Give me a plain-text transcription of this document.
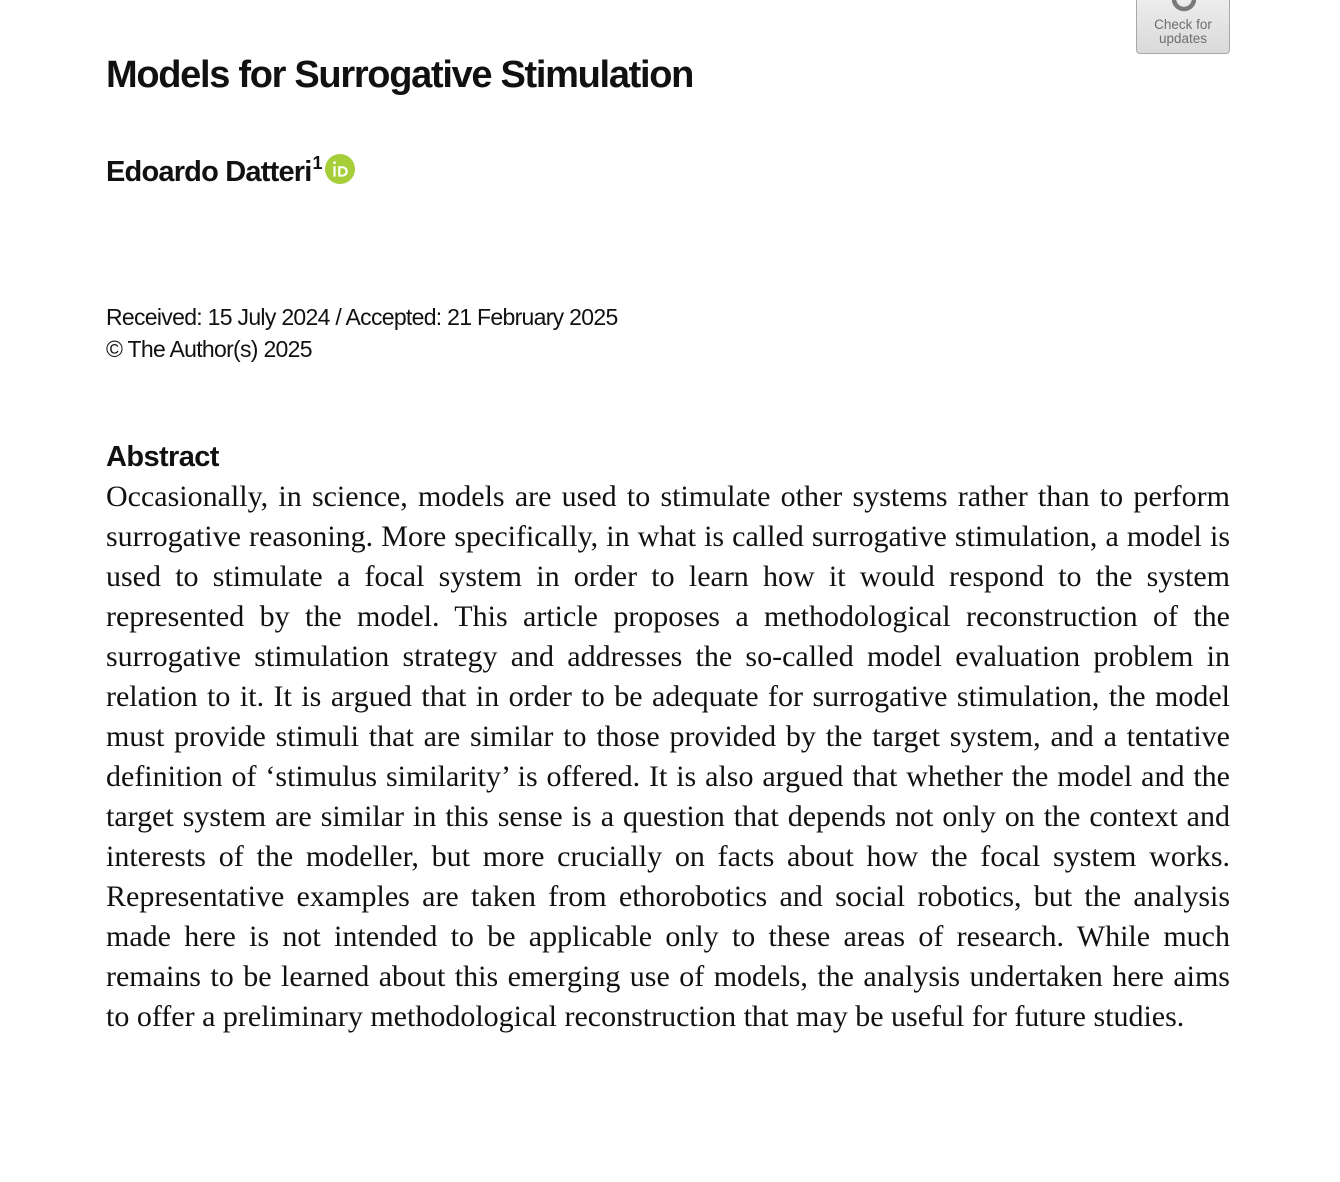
Check for
updates
Models for Surrogative Stimulation
Edoardo Datteri 1
Received: 15 July 2024 / Accepted: 21 February 2025
© The Author(s) 2025
Abstract

Occasionally, in science, models are used to stimulate other systems rather than to perform surrogative reasoning. More specifically, in what is called surrogative stimulation, a model is used to stimulate a focal system in order to learn how it would respond to the system represented by the model. This article proposes a methodological reconstruction of the surrogative stimulation strategy and addresses the so-called model evaluation problem in relation to it. It is argued that in order to be adequate for surrogative stimulation, the model must provide stimuli that are similar to those provided by the target system, and a tentative definition of ‘stimulus similarity’ is offered. It is also argued that whether the model and the target system are similar in this sense is a question that depends not only on the context and interests of the modeller, but more crucially on facts about how the focal system works. Representative examples are taken from ethorobotics and social robotics, but the analysis made here is not intended to be applicable only to these areas of research. While much remains to be learned about this emerging use of models, the analysis undertaken here aims to offer a preliminary methodological reconstruction that may be useful for future studies.
